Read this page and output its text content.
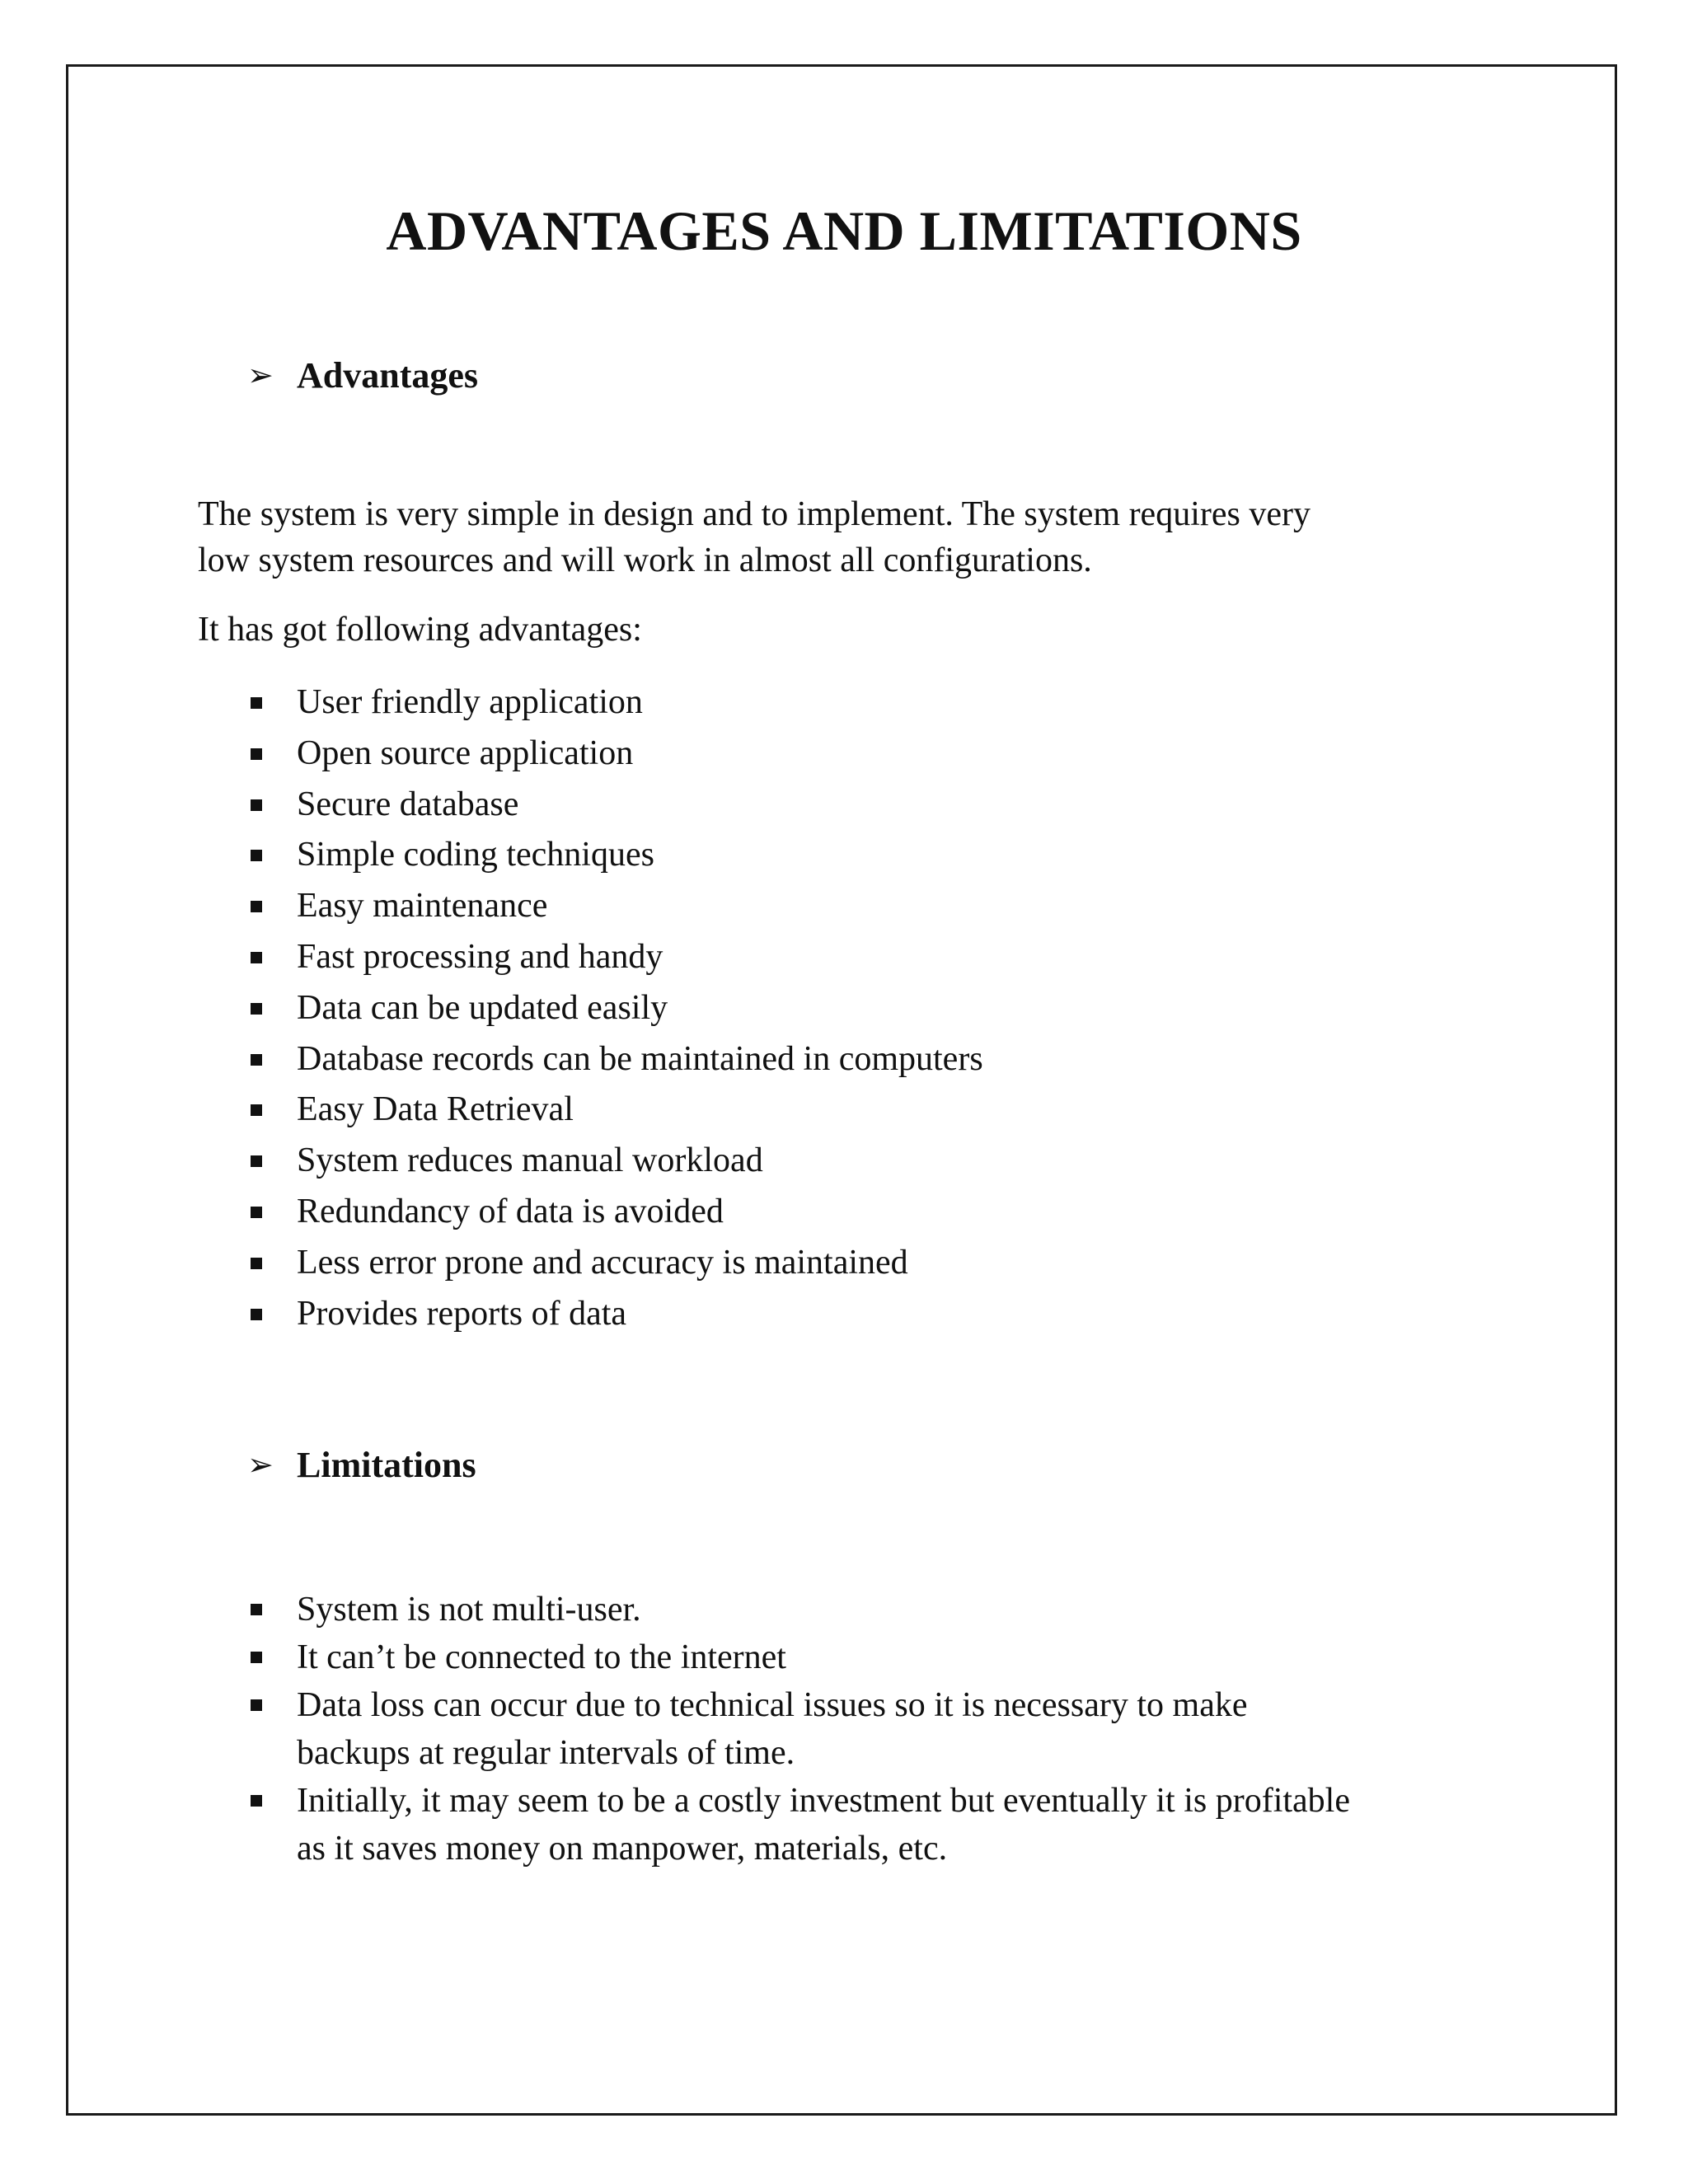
ADVANTAGES AND LIMITATIONS
➢ Advantages

The system is very simple in design and to implement. The system requires very
low system resources and will work in almost all configurations.

It has got following advantages:

User friendly application
Open source application
Secure database
Simple coding techniques
Easy maintenance
Fast processing and handy
Data can be updated easily
Database records can be maintained in computers
Easy Data Retrieval
System reduces manual workload
Redundancy of data is avoided
Less error prone and accuracy is maintained
Provides reports of data
➢ Limitations
System is not multi-user.
It can’t be connected to the internet
Data loss can occur due to technical issues so it is necessary to make
backups at regular intervals of time.
Initially, it may seem to be a costly investment but eventually it is profitable
as it saves money on manpower, materials, etc.
